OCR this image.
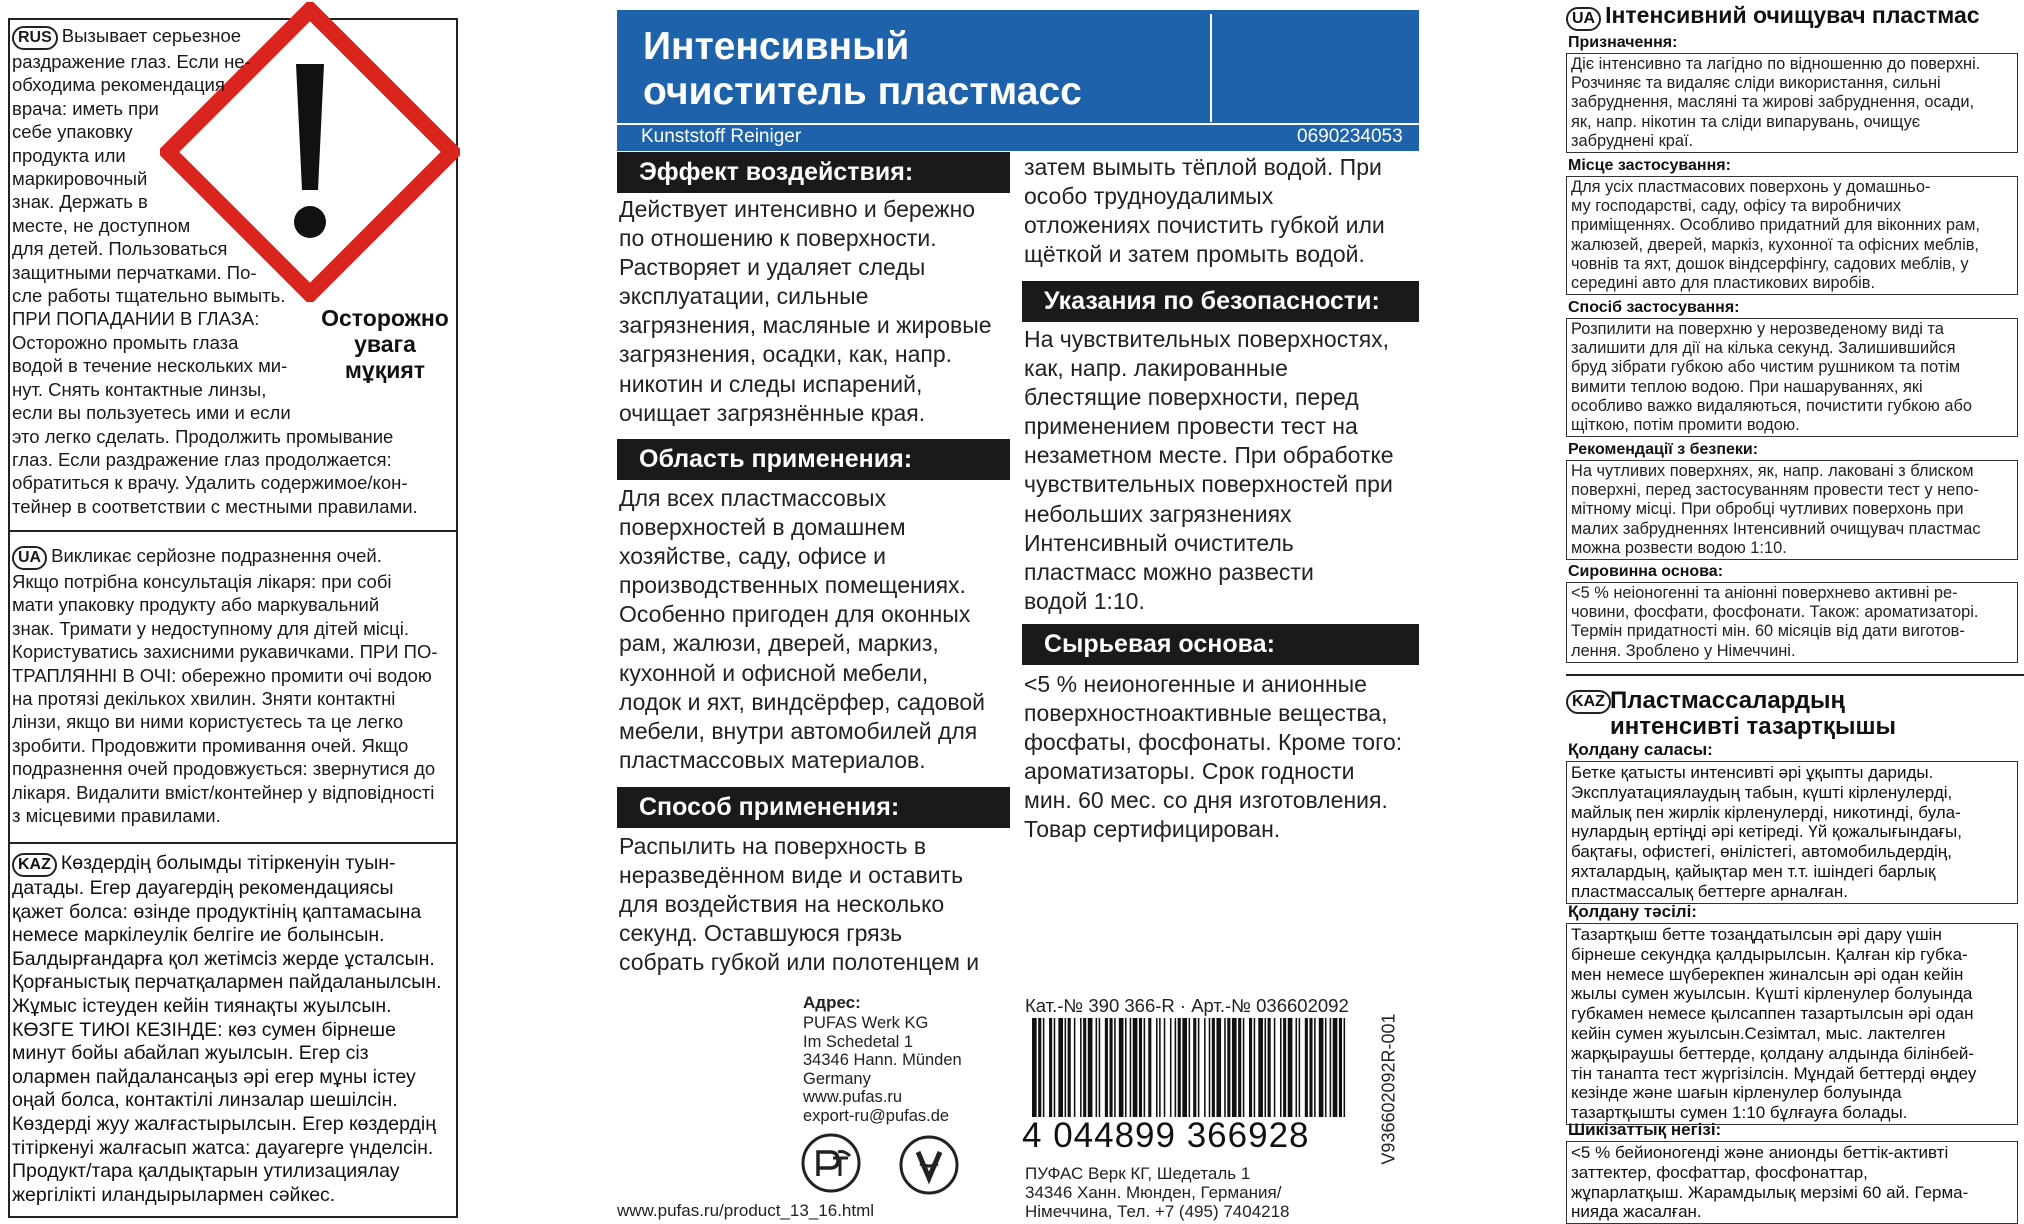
RUS Вызывает серьезное
раздражение глаз. Если не-
обходима рекомендация
врача: иметь при
себе упаковку
продукта или
маркировочный
знак. Держать в
месте, не доступном
для детей. Пользоваться
защитными перчатками. По-
сле работы тщательно вымыть.
ПРИ ПОПАДАНИИ В ГЛАЗА:
Осторожно промыть глаза
водой в течение нескольких ми-
нут. Снять контактные линзы,
если вы пользуетесь ими и если
это легко сделать. Продолжить промывание
глаз. Если раздражение глаз продолжается:
обратиться к врачу. Удалить содержимое/кон-
тейнер в соответствии с местными правилами.
Осторожно
увага
мұқият
UA Викликає серйозне подразнення очей.
Якщо потрібна консультація лікаря: при собі
мати упаковку продукту або маркувальний
знак. Тримати у недоступному для дітей місці.
Користуватись захисними рукавичками. ПРИ ПО-
ТРАПЛЯННІ В ОЧІ: обережно промити очі водою
на протязі декількох хвилин. Зняти контактні
лінзи, якщо ви ними користуєтесь та це легко
зробити. Продовжити промивання очей. Якщо
подразнення очей продовжується: звернутися до
лікаря. Видалити вміст/контейнер у відповідності
з місцевими правилами.
KAZ Көздердің болымды тітіркенуін туын-
датады. Егер дауагердің рекомендациясы
қажет болса: өзінде продуктінің қаптамасына
немесе маркілеулік белгіге ие болынсын.
Балдырғандарға қол жетімсіз жерде ұсталсын.
Қорғаныстық перчатқалармен пайдаланылсын.
Жұмыс істеуден кейін тиянақты жуылсын.
КӨЗГЕ ТИЮІ КЕЗІНДЕ: көз сумен бірнеше
минут бойы абайлап жуылсын. Егер сіз
олармен пайдалансаңыз әрі егер мұны істеу
оңай болса, контактілі линзалар шешілсін.
Көздерді жуу жалғастырылсын. Егер көздердің
тітіркенуі жалғасып жатса: дауагерге үнделсін.
Продукт/тара қалдықтарын утилизациялау
жергілікті иландырылармен сәйкес.
Интенсивный
очиститель пластмасс
Kunststoff Reiniger	0690234053
Эффект воздействия:
Действует интенсивно и бережно
по отношению к поверхности.
Растворяет и удаляет следы
эксплуатации, сильные
загрязнения, масляные и жировые
загрязнения, осадки, как, напр.
никотин и следы испарений,
очищает загрязнённые края.
Область применения:
Для всех пластмассовых
поверхностей в домашнем
хозяйстве, саду, офисе и
производственных помещениях.
Особенно пригоден для оконных
рам, жалюзи, дверей, маркиз,
кухонной и офисной мебели,
лодок и яхт, виндсёрфер, садовой
мебели, внутри автомобилей для
пластмассовых материалов.
Способ применения:
Распылить на поверхность в
неразведённом виде и оставить
для воздействия на несколько
секунд. Оставшуюся грязь
собрать губкой или полотенцем и
затем вымыть тёплой водой. При
особо трудноудалимых
отложениях почистить губкой или
щёткой и затем промыть водой.
Указания по безопасности:
На чувствительных поверхностях,
как, напр. лакированные
блестящие поверхности, перед
применением провести тест на
незаметном месте. При обработке
чувствительных поверхностей при
небольших загрязнениях
Интенсивный очиститель
пластмасс можно развести
водой 1:10.
Сырьевая основа:
<5 % неионогенные и анионные
поверхностноактивные вещества,
фосфаты, фосфонаты. Кроме того:
ароматизаторы. Срок годности
мин. 60 мес. со дня изготовления.
Товар сертифицирован.
Адрес:
PUFAS Werk KG
Im Schedetal 1
34346 Hann. Münden
Germany
www.pufas.ru
export-ru@pufas.de
www.pufas.ru/product_13_16.html
Кат.-№ 390 366-R · Арт.-№ 036602092
4 044899 366928	V936602092R-001
ПУФАС Верк КГ, Шедеталь 1
34346 Ханн. Мюнден, Германия/
Німеччина, Тел. +7 (495) 7404218
UA Інтенсивний очищувач пластмас
Призначення:
Діє інтенсивно та лагідно по відношенню до поверхні.
Розчиняє та видаляє сліди використання, сильні
забруднення, масляні та жирові забруднення, осади,
як, напр. нікотин та сліди випарувань, очищує
забруднені краї.
Місце застосування:
Для усіх пластмасових поверхонь у домашньо-
му господарстві, саду, офісу та виробничих
приміщеннях. Особливо придатний для віконних рам,
жалюзей, дверей, маркіз, кухонної та офісних меблів,
човнів та яхт, дошок віндсерфінгу, садових меблів, у
середині авто для пластикових виробів.
Спосіб застосування:
Розпилити на поверхню у нерозведеному виді та
залишити для дії на кілька секунд. Залишившийся
бруд зібрати губкою або чистим рушником та потім
вимити теплою водою. При нашаруваннях, які
особливо важко видаляються, почистити губкою або
щіткою, потім промити водою.
Рекомендації з безпеки:
На чутливих поверхнях, як, напр. лаковані з блиском
поверхні, перед застосуванням провести тест у непо-
мітному місці. При обробці чутливих поверхонь при
малих забрудненнях Інтенсивний очищувач пластмас
можна розвести водою 1:10.
Сировинна основа:
<5 % неіоногенні та аніонні поверхнево активні ре-
човини, фосфати, фосфонати. Також: ароматизаторі.
Термін придатності мін. 60 місяців від дати виготов-
лення. Зроблено у Німеччині.
KAZ Пластмассалардың
интенсивті тазартқышы
Қолдану саласы:
Бетке қатысты интенсивті әрі ұқыпты дариды.
Эксплуатациялаудың табын, күшті кірленулерді,
майлық пен жирлік кірленулерді, никотинді, була-
нулардың ертіңді әрі кетіреді. Үй қожалығындағы,
бақтағы, офистегі, өнілістегі, автомобильдердің,
яхталардың, қайықтар мен т.т. ішіндегі барлық
пластмассалық беттерге арналған.
Қолдану тәсілі:
Тазартқыш бетте тозаңдатылсын әрі дару үшін
бірнеше секундқа қалдырылсын. Қалған кір губка-
мен немесе шүберекпен жиналсын әрі одан кейін
жылы сумен жуылсын. Күшті кірленулер болуында
губкамен немесе қылсаппен тазартылсын әрі одан
кейін сумен жуылсын.Сезімтал, мыс. лактелген
жарқыраушы беттерде, қолдану алдында білінбей-
тін танапта тест жүргізілсін. Мұндай беттерді өңдеу
кезінде және шағын кірленулер болуында
тазартқышты сумен 1:10 бұлғауға болады.
Шикізаттық негізі:
<5 % бейионогенді және анионды беттік-активті
заттектер, фосфаттар, фосфонаттар,
жұпарлатқыш. Жарамдылық мерзімі 60 ай. Герма-
нияда жасалған.
